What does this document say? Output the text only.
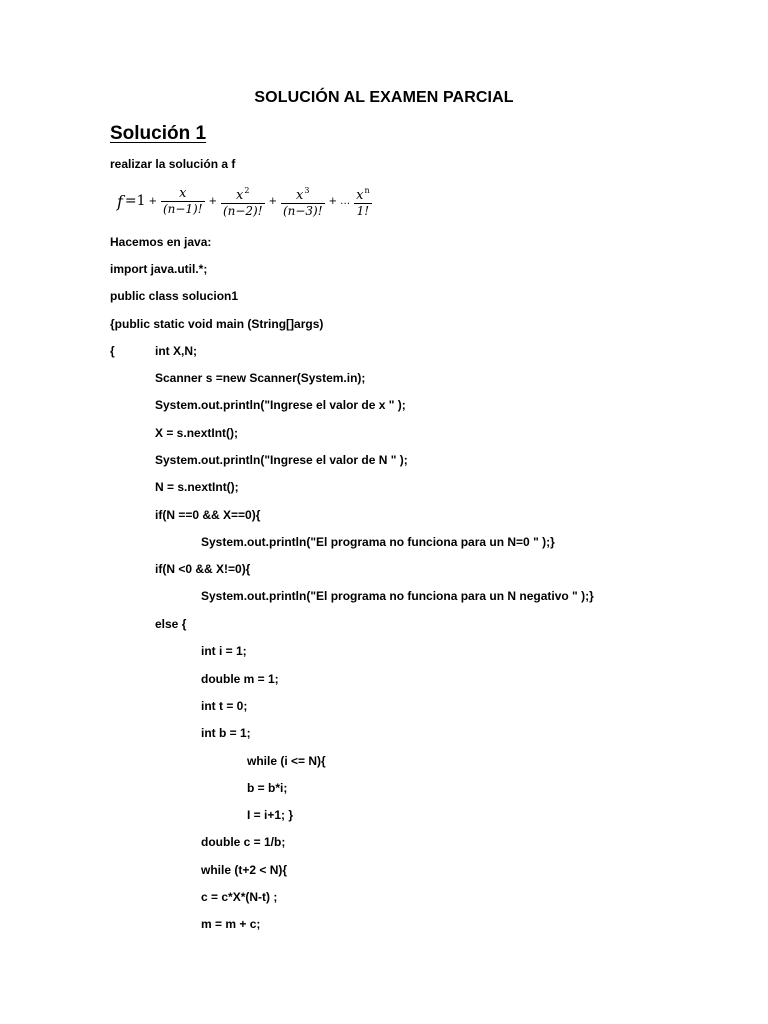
SOLUCIÓN AL EXAMEN PARCIAL
Solución 1
realizar la solución a f
$f =1 + \frac{x}{(n-1)!} + \frac{x^2}{(n-2)!} + \frac{x^3}{(n-3)!}$ + … $\frac{x^n}{1!}$
Hacemos en java:
import java.util.*;
public class solucion1
{public static void main (String[]args)
{	int X,N;
Scanner s =new Scanner(System.in);
System.out.println("Ingrese el valor de x " );
X = s.nextInt();
System.out.println("Ingrese el valor de N " );
N = s.nextInt();
if(N ==0 && X==0){
System.out.println("El programa no funciona para un N=0 " );}
if(N <0 && X!=0){
System.out.println("El programa no funciona para un N negativo " );}
else {
int i = 1;
double m = 1;
int t = 0;
int b = 1;
while (i <= N){
b = b*i;
I = i+1; }
double c = 1/b;
while (t+2 < N){
c = c*X*(N-t) ;
m = m + c;
